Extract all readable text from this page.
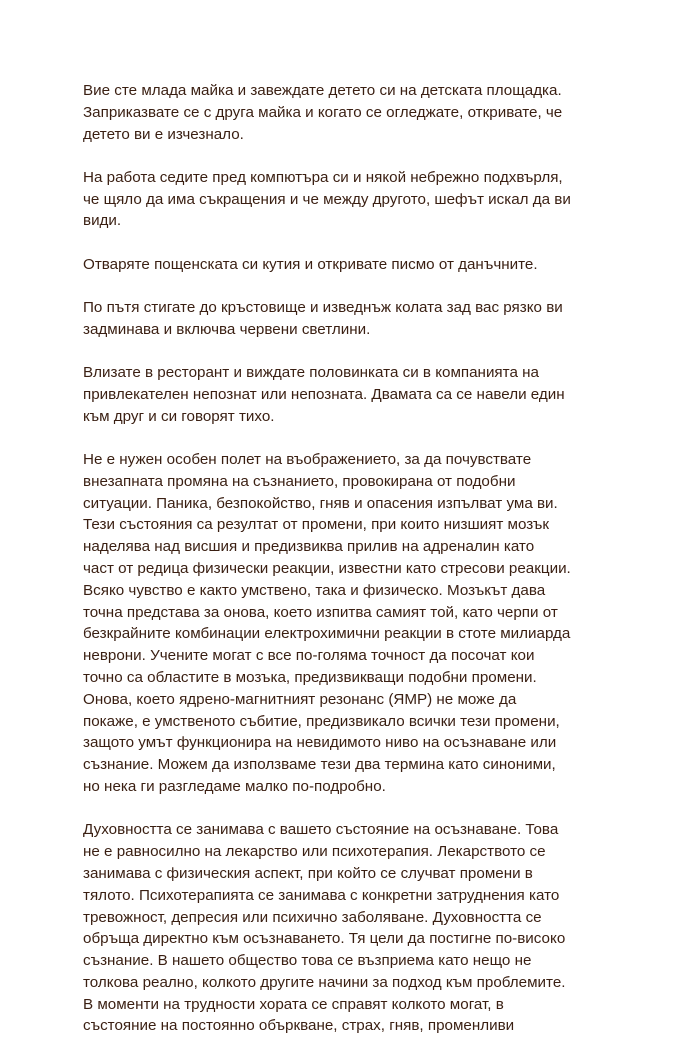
Вие сте млада майка и завеждате детето си на детската площадка.
Заприказвате се с друга майка и когато се огледжате, откривате, че
детето ви е изчезнало.

На работа седите пред компютъра си и някой небрежно подхвърля,
че щяло да има съкращения и че между другото, шефът искал да ви
види.

Отваряте пощенската си кутия и откривате писмо от данъчните.

По пътя стигате до кръстовище и изведнъж колата зад вас рязко ви
задминава и включва червени светлини.

Влизате в ресторант и виждате половинката си в компанията на
привлекателен непознат или непозната. Двамата са се навели един
към друг и си говорят тихо.

Не е нужен особен полет на въображението, за да почувствате
внезапната промяна на съзнанието, провокирана от подобни
ситуации. Паника, безпокойство, гняв и опасения изпълват ума ви.
Тези състояния са резултат от промени, при които низшият мозък
наделява над висшия и предизвиква прилив на адреналин като
част от редица физически реакции, известни като стресови реакции.
Всяко чувство е както умствено, така и физическо. Мозъкът дава
точна представа за онова, което изпитва самият той, като черпи от
безкрайните комбинации електрохимични реакции в стоте милиарда
неврони. Учените могат с все по-голяма точност да посочат кои
точно са областите в мозъка, предизвикващи подобни промени.
Онова, което ядрено-магнитният резонанс (ЯМР) не може да
покаже, е умственото събитие, предизвикало всички тези промени,
защото умът функционира на невидимото ниво на осъзнаване или
съзнание. Можем да използваме тези два термина като синоними,
но нека ги разгледаме малко по-подробно.

Духовността се занимава с вашето състояние на осъзнаване. Това
не е равносилно на лекарство или психотерапия. Лекарството се
занимава с физическия аспект, при който се случват промени в
тялото. Психотерапията се занимава с конкретни затруднения като
тревожност, депресия или психично заболяване. Духовността се
обръща директно към осъзнаването. Тя цели да постигне по-високо
съзнание. В нашето общество това се възприема като нещо не
толкова реално, колкото другите начини за подход към проблемите.
В моменти на трудности хората се справят колкото могат, в
състояние на постоянно объркване, страх, гняв, променливи
